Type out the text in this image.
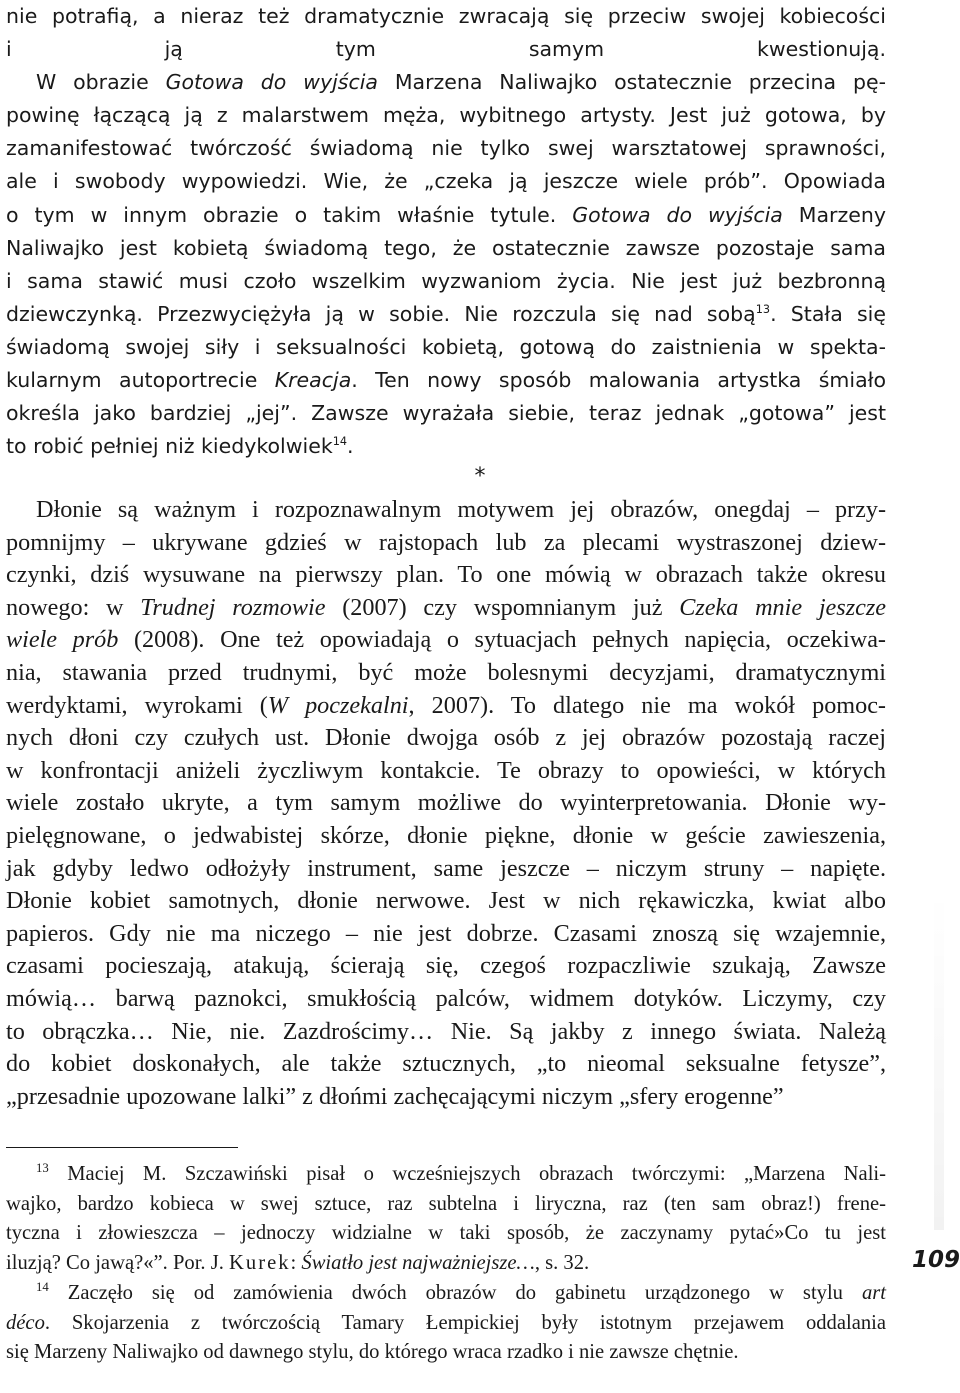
nie potrafią, a nieraz też dramatycznie zwracają się przeciw swojej kobiecości
i ją tym samym kwestionują.
W obrazie Gotowa do wyjścia Marzena Naliwajko ostatecznie przecina pę-
powinę łączącą ją z malarstwem męża, wybitnego artysty. Jest już gotowa, by
zamanifestować twórczość świadomą nie tylko swej warsztatowej sprawności,
ale i swobody wypowiedzi. Wie, że „czeka ją jeszcze wiele prób”. Opowiada
o tym w innym obrazie o takim właśnie tytule. Gotowa do wyjścia Marzeny
Naliwajko jest kobietą świadomą tego, że ostatecznie zawsze pozostaje sama
i sama stawić musi czoło wszelkim wyzwaniom życia. Nie jest już bezbronną
dziewczynką. Przezwyciężyła ją w sobie. Nie rozczula się nad sobą$^{13}$. Stała się
świadomą swojej siły i seksualności kobietą, gotową do zaistnienia w spekta-
kularnym autoportrecie Kreacja. Ten nowy sposób malowania artystka śmiało
określa jako bardziej „jej”. Zawsze wyrażała siebie, teraz jednak „gotowa” jest
to robić pełniej niż kiedykolwiek$^{14}$.
*
Dłonie są ważnym i rozpoznawalnym motywem jej obrazów, onegdaj – przy-
pomnijmy – ukrywane gdzieś w rajstopach lub za plecami wystraszonej dziew-
czynki, dziś wysuwane na pierwszy plan. To one mówią w obrazach także okresu
nowego: w Trudnej rozmowie (2007) czy wspomnianym już Czeka mnie jeszcze
wiele prób (2008). One też opowiadają o sytuacjach pełnych napięcia, oczekiwa-
nia, stawania przed trudnymi, być może bolesnymi decyzjami, dramatycznymi
werdyktami, wyrokami (W poczekalni, 2007). To dlatego nie ma wokół pomoc-
nych dłoni czy czułych ust. Dłonie dwojga osób z jej obrazów pozostają raczej
w konfrontacji aniżeli życzliwym kontakcie. Te obrazy to opowieści, w których
wiele zostało ukryte, a tym samym możliwe do wyinterpretowania. Dłonie wy-
pielęgnowane, o jedwabistej skórze, dłonie piękne, dłonie w geście zawieszenia,
jak gdyby ledwo odłożyły instrument, same jeszcze – niczym struny – napięte.
Dłonie kobiet samotnych, dłonie nerwowe. Jest w nich rękawiczka, kwiat albo
papieros. Gdy nie ma niczego – nie jest dobrze. Czasami znoszą się wzajemnie,
czasami pocieszają, atakują, ścierają się, czegoś rozpaczliwie szukają, Zawsze
mówią… barwą paznokci, smukłością palców, widmem dotyków. Liczymy, czy
to obrączka… Nie, nie. Zazdrościmy… Nie. Są jakby z innego świata. Należą
do kobiet doskonałych, ale także sztucznych, „to nieomal seksualne fetysze”,
„przesadnie upozowane lalki” z dłońmi zachęcającymi niczym „sfery erogenne”
$^{13}$ Maciej M. Szczawiński pisał o wcześniejszych obrazach twórczymi: „Marzena Nali-
wajko, bardzo kobieca w swej sztuce, raz subtelna i liryczna, raz (ten sam obraz!) frene-
tyczna i złowieszcza – jednoczy widzialne w taki sposób, że zaczynamy pytać»Co tu jest
iluzją? Co jawą?«”. Por. J. Kurek: Światło jest najważniejsze…, s. 32.
$^{14}$ Zaczęło się od zamówienia dwóch obrazów do gabinetu urządzonego w stylu art
déco. Skojarzenia z twórczością Tamary Łempickiej były istotnym przejawem oddalania
się Marzeny Naliwajko od dawnego stylu, do którego wraca rzadko i nie zawsze chętnie.
109
